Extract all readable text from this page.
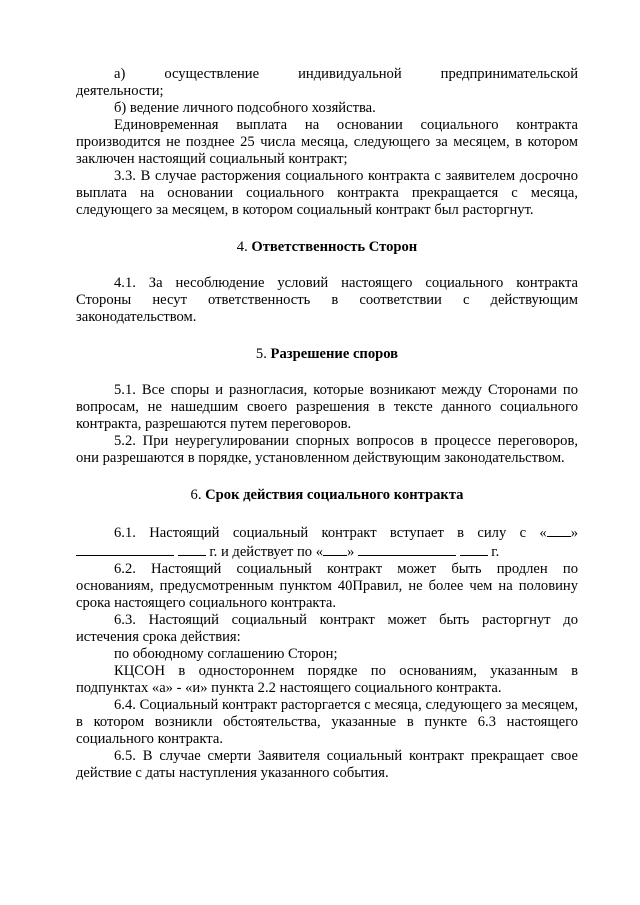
а)       осуществление       индивидуальной       предпринимательской деятельности;

б) ведение личного подсобного хозяйства.

Единовременная выплата на основании социального контракта производится не позднее 25 числа месяца, следующего за месяцем, в котором заключен настоящий социальный контракт;

3.3. В случае расторжения социального контракта с заявителем досрочно выплата на основании социального контракта прекращается с месяца, следующего за месяцем, в котором социальный контракт был расторгнут.

4. Ответственность Сторон

4.1. За несоблюдение условий настоящего социального контракта Стороны несут ответственность в соответствии с действующим законодательством.

5. Разрешение споров

5.1. Все споры и разногласия, которые возникают между Сторонами по вопросам, не нашедшим своего разрешения в тексте данного социального контракта, разрешаются путем переговоров.

5.2. При неурегулировании спорных вопросов в процессе переговоров, они разрешаются в порядке, установленном действующим законодательством.

6. Срок действия социального контракта

6.1. Настоящий социальный контракт вступает в силу с « »   г. и действует по « »	г.

6.2. Настоящий социальный контракт может быть продлен по основаниям, предусмотренным пунктом 40Правил, не более чем на половину срока настоящего социального контракта.

6.3. Настоящий социальный контракт может быть расторгнут до истечения срока действия:

по обоюдному соглашению Сторон;

КЦСОН в одностороннем порядке по основаниям, указанным в подпунктах «а» - «и» пункта 2.2 настоящего социального контракта.

6.4. Социальный контракт расторгается с месяца, следующего за месяцем, в котором возникли обстоятельства, указанные в пункте 6.3 настоящего социального контракта.

6.5. В случае смерти Заявителя социальный контракт прекращает свое действие с даты наступления указанного события.
